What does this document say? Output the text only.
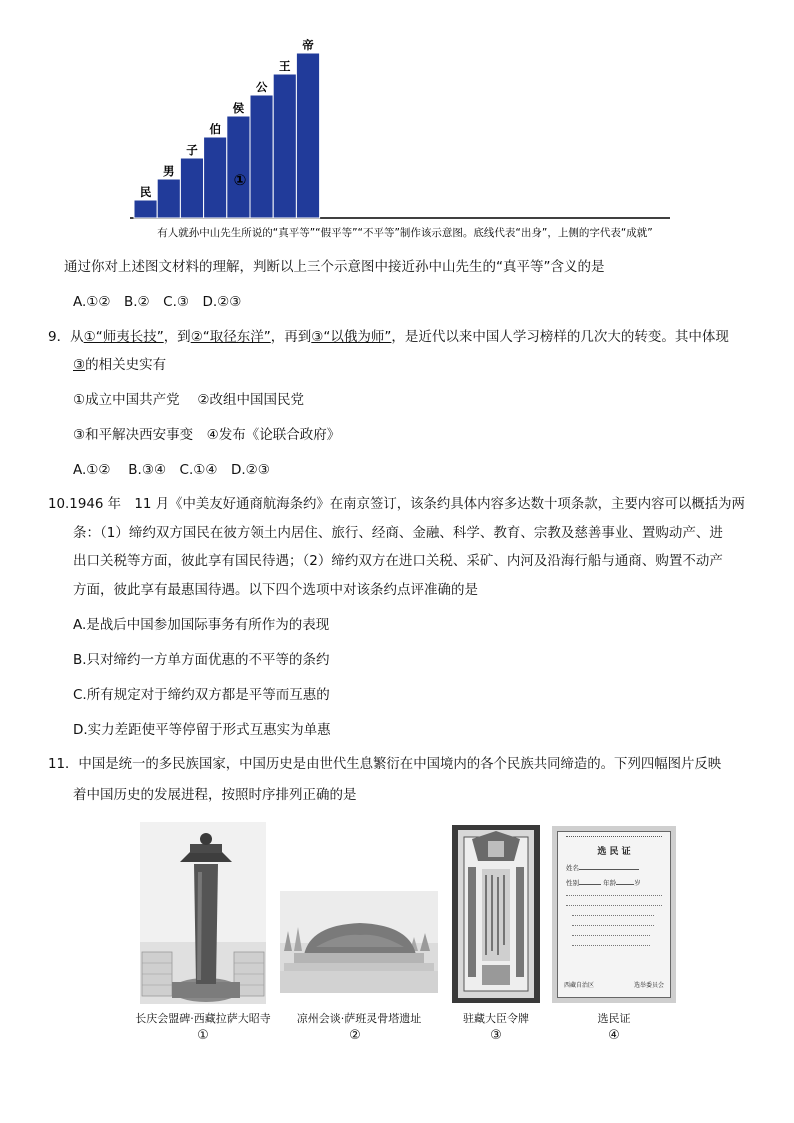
民
男
子
伯
侯
公
王
帝
①
有人就孙中山先生所说的“真平等”“假平等”“不平等”制作该示意图。底线代表“出身”，上侧的字代表“成就”
通过你对上述图文材料的理解，判断以上三个示意图中接近孙中山先生的“真平等”含义的是
A.①②　B.②　C.③　D.②③
9．从①“师夷长技”，到②“取径东洋”，再到③“以俄为师”，是近代以来中国人学习榜样的几次大的转变。其中体现
③的相关史实有
①成立中国共产党　 ②改组中国国民党
③和平解决西安事变　④发布《论联合政府》
A.①②　 B.③④　C.①④　D.②③
10.1946 年　11 月《中美友好通商航海条约》在南京签订，该条约具体内容多达数十项条款，主要内容可以概括为两
条：（1）缔约双方国民在彼方领土内居住、旅行、经商、金融、科学、教育、宗教及慈善事业、置购动产、进
出口关税等方面，彼此享有国民待遇；（2）缔约双方在进口关税、采矿、内河及沿海行船与通商、购置不动产
方面，彼此享有最惠国待遇。以下四个选项中对该条约点评准确的是
A.是战后中国参加国际事务有所作为的表现
B.只对缔约一方单方面优惠的不平等的条约
C.所有规定对于缔约双方都是平等而互惠的
D.实力差距使平等停留于形式互惠实为单惠
11．中国是统一的多民族国家，中国历史是由世代生息繁衍在中国境内的各个民族共同缔造的。下列四幅图片反映
着中国历史的发展进程，按照时序排列正确的是
长庆会盟碑·西藏拉萨大昭寺
①
凉州会谈·萨班灵骨塔遗址
②
驻藏大臣令牌
③
选 民 证
姓名
性别	年龄	岁
西藏自治区	选举委员会
选民证
④
